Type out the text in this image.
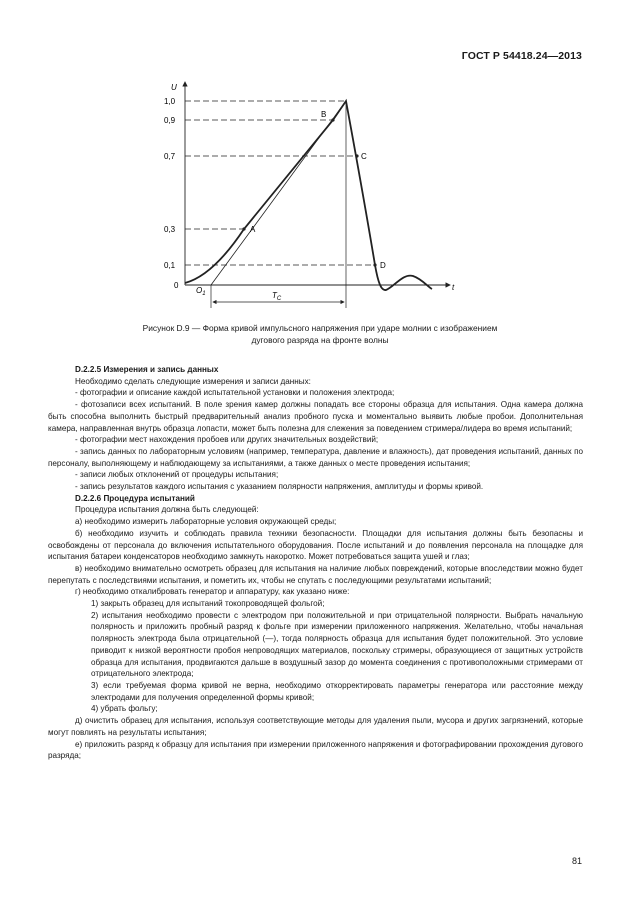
ГОСТ Р 54418.24—2013
U
t
1,0
0,9
0,7
0,3
0,1
0
A
B
C
D
$O_1$	$T_C$
Рисунок D.9 — Форма кривой импульсного напряжения при ударе молнии с изображением
дугового разряда на фронте волны

D.2.2.5 Измерения и запись данных

Необходимо сделать следующие измерения и записи данных:

- фотографии и описание каждой испытательной установки и положения электрода;

- фотозаписи всех испытаний. В поле зрения камер должны попадать все стороны образца для испытания. Одна камера должна быть способна выполнить быстрый предварительный анализ пробного пуска и моментально выявить любые пробои. Дополнительная камера, направленная внутрь образца лопасти, может быть полезна для слежения за поведением стримера/лидера во время испытаний;

- фотографии мест нахождения пробоев или других значительных воздействий;

- запись данных по лабораторным условиям (например, температура, давление и влажность), дат проведения испытаний, данных по персоналу, выполняющему и наблюдающему за испытаниями, а также данных о месте проведения испытания;

- записи любых отклонений от процедуры испытания;

- запись результатов каждого испытания с указанием полярности напряжения, амплитуды и формы кривой.

D.2.2.6 Процедура испытаний

Процедура испытания должна быть следующей:

а) необходимо измерить лабораторные условия окружающей среды;

б) необходимо изучить и соблюдать правила техники безопасности. Площадки для испытания должны быть безопасны и освобождены от персонала до включения испытательного оборудования. После испытаний и до появления персонала на площадке для испытания батареи конденсаторов необходимо замкнуть накоротко. Может потребоваться защита ушей и глаз;

в) необходимо внимательно осмотреть образец для испытания на наличие любых повреждений, которые впоследствии можно будет перепутать с последствиями испытания, и пометить их, чтобы не спутать с последующими результатами испытаний;

г) необходимо откалибровать генератор и аппаратуру, как указано ниже:

1) закрыть образец для испытаний токопроводящей фольгой;

2) испытания необходимо провести с электродом при положительной и при отрицательной полярности. Выбрать начальную полярность и приложить пробный разряд к фольге при измерении приложенного напряжения. Желательно, чтобы начальная полярность электрода была отрицательной (—), тогда полярность образца для испытания будет положительной. Это условие приводит к низкой вероятности пробоя непроводящих материалов, поскольку стримеры, образующиеся от защитных устройств образца для испытания, продвигаются дальше в воздушный зазор до момента соединения с противоположными стримерами от отрицательного электрода;

3) если требуемая форма кривой не верна, необходимо откорректировать параметры генератора или расстояние между электродами для получения определенной формы кривой;

4) убрать фольгу;

д) очистить образец для испытания, используя соответствующие методы для удаления пыли, мусора и других загрязнений, которые могут повлиять на результаты испытания;

е) приложить разряд к образцу для испытания при измерении приложенного напряжения и фотографировании прохождения дугового разряда;

81
